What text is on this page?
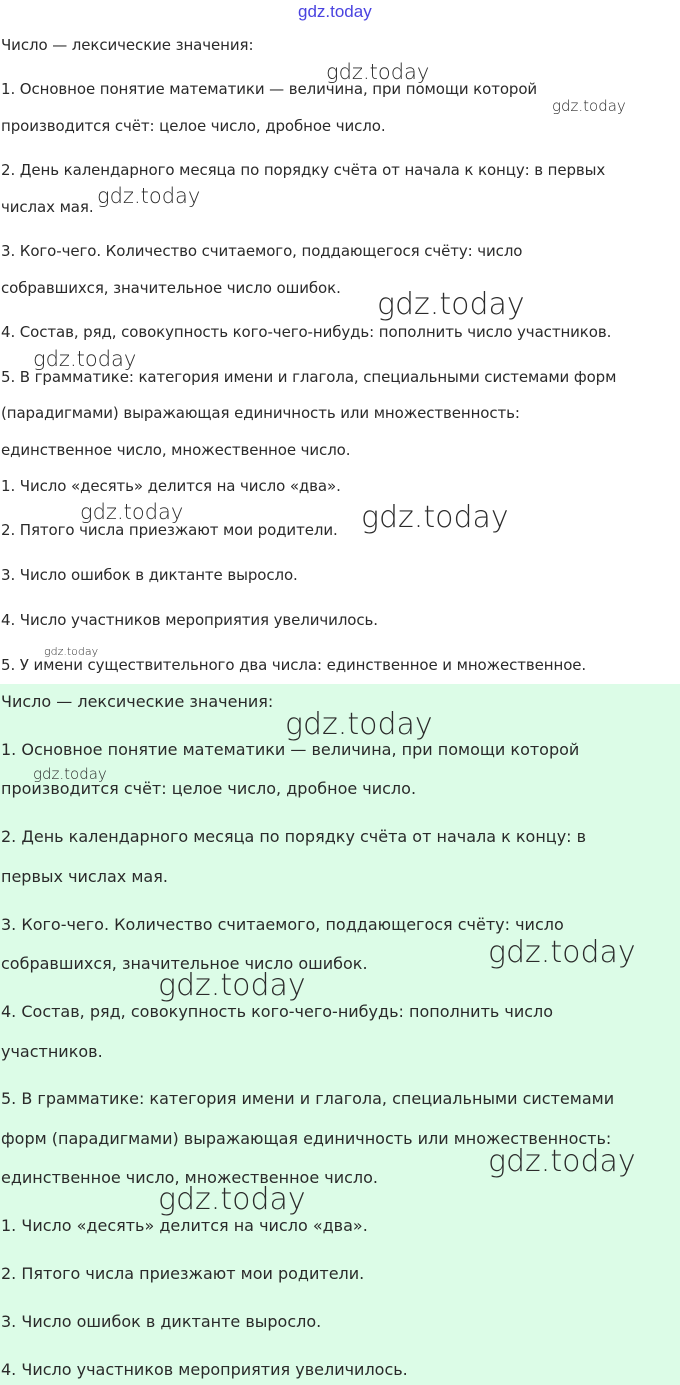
gdz.today
Число — лексические значения:
1. Основное понятие математики — величина, при помощи которой
производится счёт: целое число, дробное число.
2. День календарного месяца по порядку счёта от начала к концу: в первых
числах мая.
3. Кого-чего. Количество считаемого, поддающегося счёту: число
собравшихся, значительное число ошибок.
4. Состав, ряд, совокупность кого-чего-нибудь: пополнить число участников.
5. В грамматике: категория имени и глагола, специальными системами форм
(парадигмами) выражающая единичность или множественность:
единственное число, множественное число.
1. Число «десять» делится на число «два».
2. Пятого числа приезжают мои родители.
3. Число ошибок в диктанте выросло.
4. Число участников мероприятия увеличилось.
5. У имени существительного два числа: единственное и множественное.
Число — лексические значения:
1. Основное понятие математики — величина, при помощи которой
производится счёт: целое число, дробное число.
2. День календарного месяца по порядку счёта от начала к концу: в
первых числах мая.
3. Кого-чего. Количество считаемого, поддающегося счёту: число
собравшихся, значительное число ошибок.
4. Состав, ряд, совокупность кого-чего-нибудь: пополнить число
участников.
5. В грамматике: категория имени и глагола, специальными системами
форм (парадигмами) выражающая единичность или множественность:
единственное число, множественное число.
1. Число «десять» делится на число «два».
2. Пятого числа приезжают мои родители.
3. Число ошибок в диктанте выросло.
4. Число участников мероприятия увеличилось.
gdz.today
gdz.today
gdz.today
gdz.today
gdz.today
gdz.today	gdz.today
gdz.today
gdz.today
gdz.today
gdz.today
gdz.today
gdz.today
gdz.today
